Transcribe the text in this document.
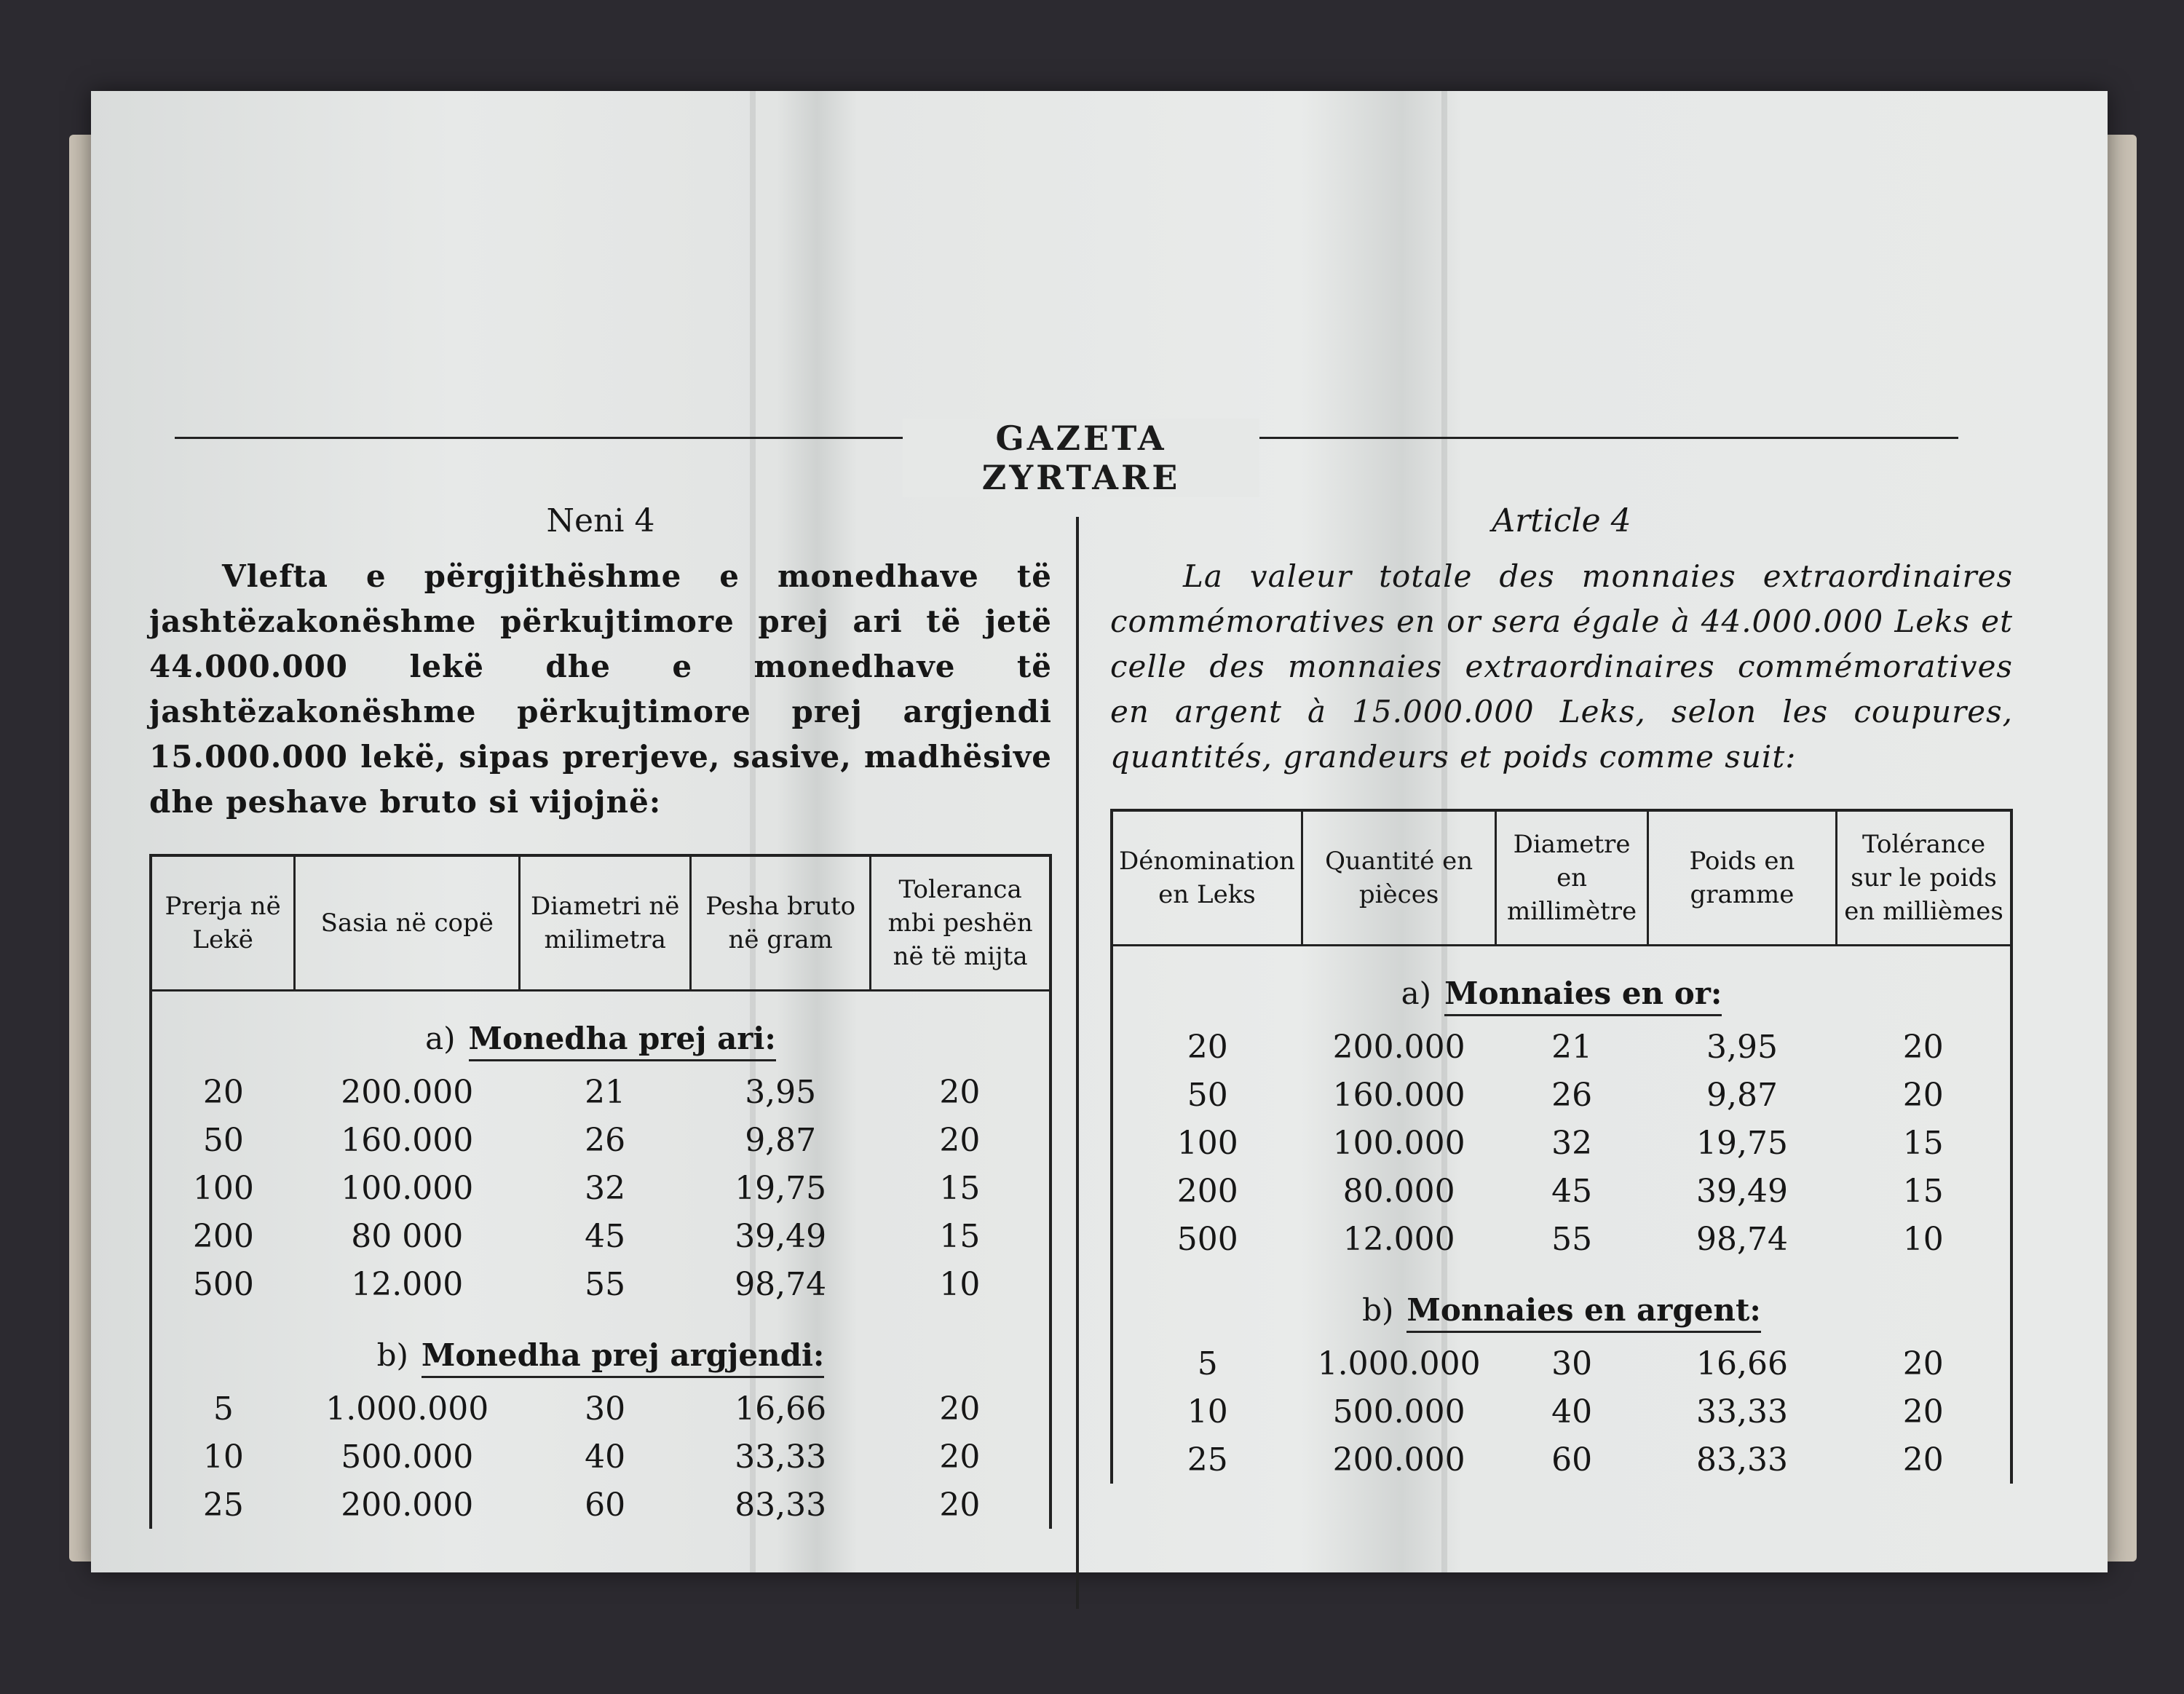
GAZETA ZYRTARE
Neni 4
Vlefta e përgjithëshme e monedhave të jashtëzakonëshme përkujtimore prej ari të jetë 44.000.000 lekë dhe e monedhave të jashtëzakonëshme përkujtimore prej argjendi 15.000.000 lekë, sipas prerjeve, sasive, madhësive dhe peshave bruto si vijojnë:
Prerja në Lekë	Sasia në copë	Diametri në milimetra	Pesha bruto në gram	Toleranca mbi peshën në të mijta
a) Monedha prej ari:				
20	200.000	21	3,95	20
50	160.000	26	9,87	20
100	100.000	32	19,75	15
200	80 000	45	39,49	15
500	12.000	55	98,74	10
b) Monedha prej argjendi:				
5	1.000.000	30	16,66	20
10	500.000	40	33,33	20
25	200.000	60	83,33	20
Article 4
La valeur totale des monnaies extraordinaires commémoratives en or sera égale à 44.000.000 Leks et celle des monnaies extraordinaires commémoratives en argent à 15.000.000 Leks, selon les coupures, quantités, grandeurs et poids comme suit:
Dénomination en Leks	Quantité en pièces	Diametre en millimètre	Poids en gramme	Tolérance sur le poids en millièmes
a) Monnaies en or:				
20	200.000	21	3,95	20
50	160.000	26	9,87	20
100	100.000	32	19,75	15
200	80.000	45	39,49	15
500	12.000	55	98,74	10
b) Monnaies en argent:				
5	1.000.000	30	16,66	20
10	500.000	40	33,33	20
25	200.000	60	83,33	20
